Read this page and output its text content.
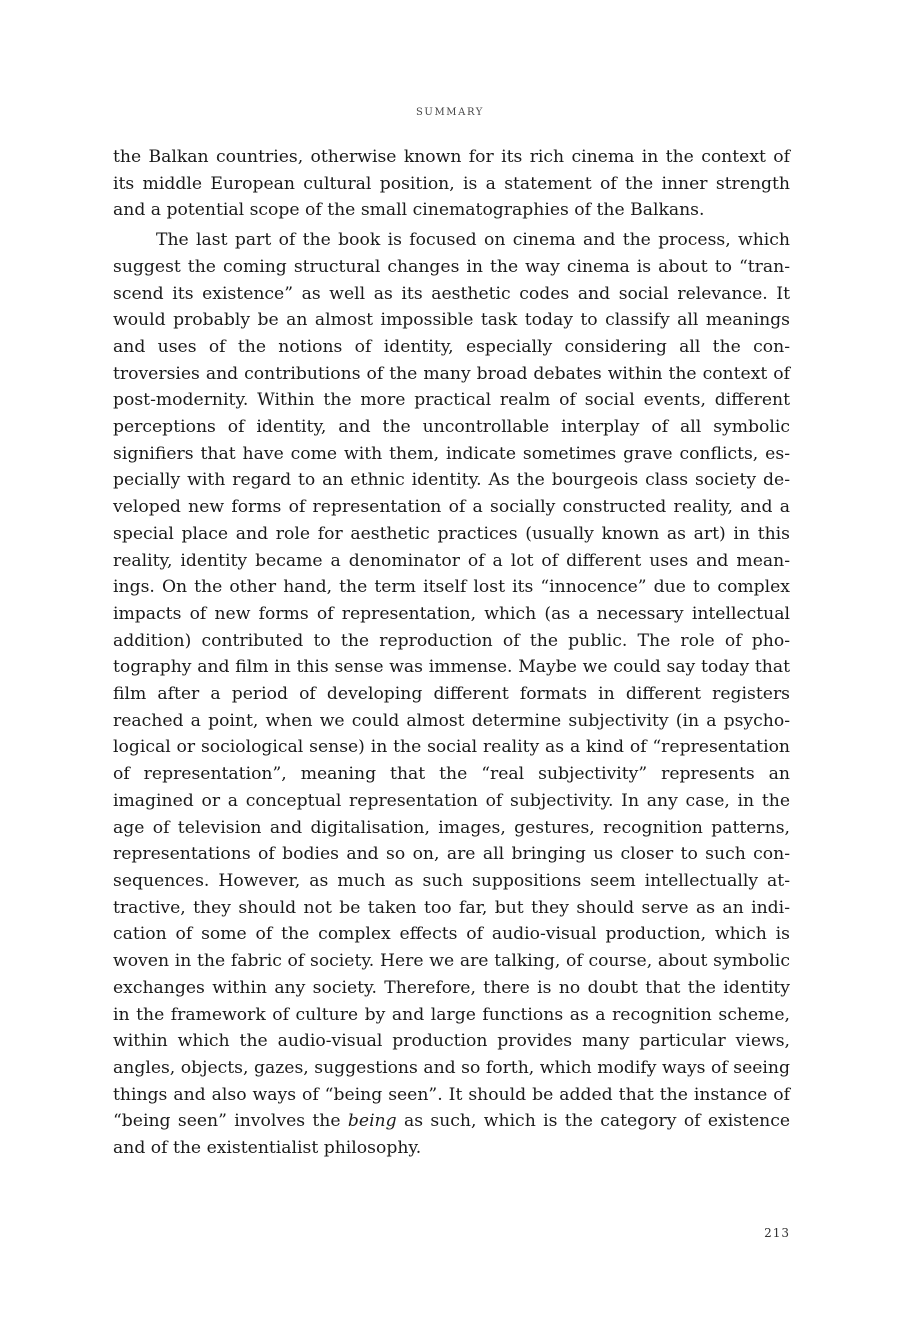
SUMMARY

the Balkan countries, otherwise known for its rich cinema in the context of its middle European cultural position, is a statement of the inner strength and a potential scope of the small cinematographies of the Balkans.

The last part of the book is focused on cinema and the process, which suggest the coming structural changes in the way cinema is about to “transcend its existence” as well as its aesthetic codes and social relevance. It would probably be an almost impossible task today to classify all meanings and uses of the notions of identity, especially considering all the controversies and contributions of the many broad debates within the context of post-modernity. Within the more practical realm of social events, different perceptions of identity, and the uncontrollable interplay of all symbolic signifiers that have come with them, indicate sometimes grave conflicts, especially with regard to an ethnic identity. As the bourgeois class society developed new forms of representation of a socially constructed reality, and a special place and role for aesthetic practices (usually known as art) in this reality, identity became a denominator of a lot of different uses and meanings. On the other hand, the term itself lost its “innocence” due to complex impacts of new forms of representation, which (as a necessary intellectual addition) contributed to the reproduction of the public. The role of photography and film in this sense was immense. Maybe we could say today that film after a period of developing different formats in different registers reached a point, when we could almost determine subjectivity (in a psychological or sociological sense) in the social reality as a kind of “representation of representation”, meaning that the “real subjectivity” represents an imagined or a conceptual representation of subjectivity. In any case, in the age of television and digitalisation, images, gestures, recognition patterns, representations of bodies and so on, are all bringing us closer to such consequences. However, as much as such suppositions seem intellectually attractive, they should not be taken too far, but they should serve as an indication of some of the complex effects of audio-visual production, which is woven in the fabric of society. Here we are talking, of course, about symbolic exchanges within any society. Therefore, there is no doubt that the identity in the framework of culture by and large functions as a recognition scheme, within which the audio-visual production provides many particular views, angles, objects, gazes, suggestions and so forth, which modify ways of seeing things and also ways of “being seen”. It should be added that the instance of “being seen” involves the being as such, which is the category of existence and of the existentialist philosophy.

213
